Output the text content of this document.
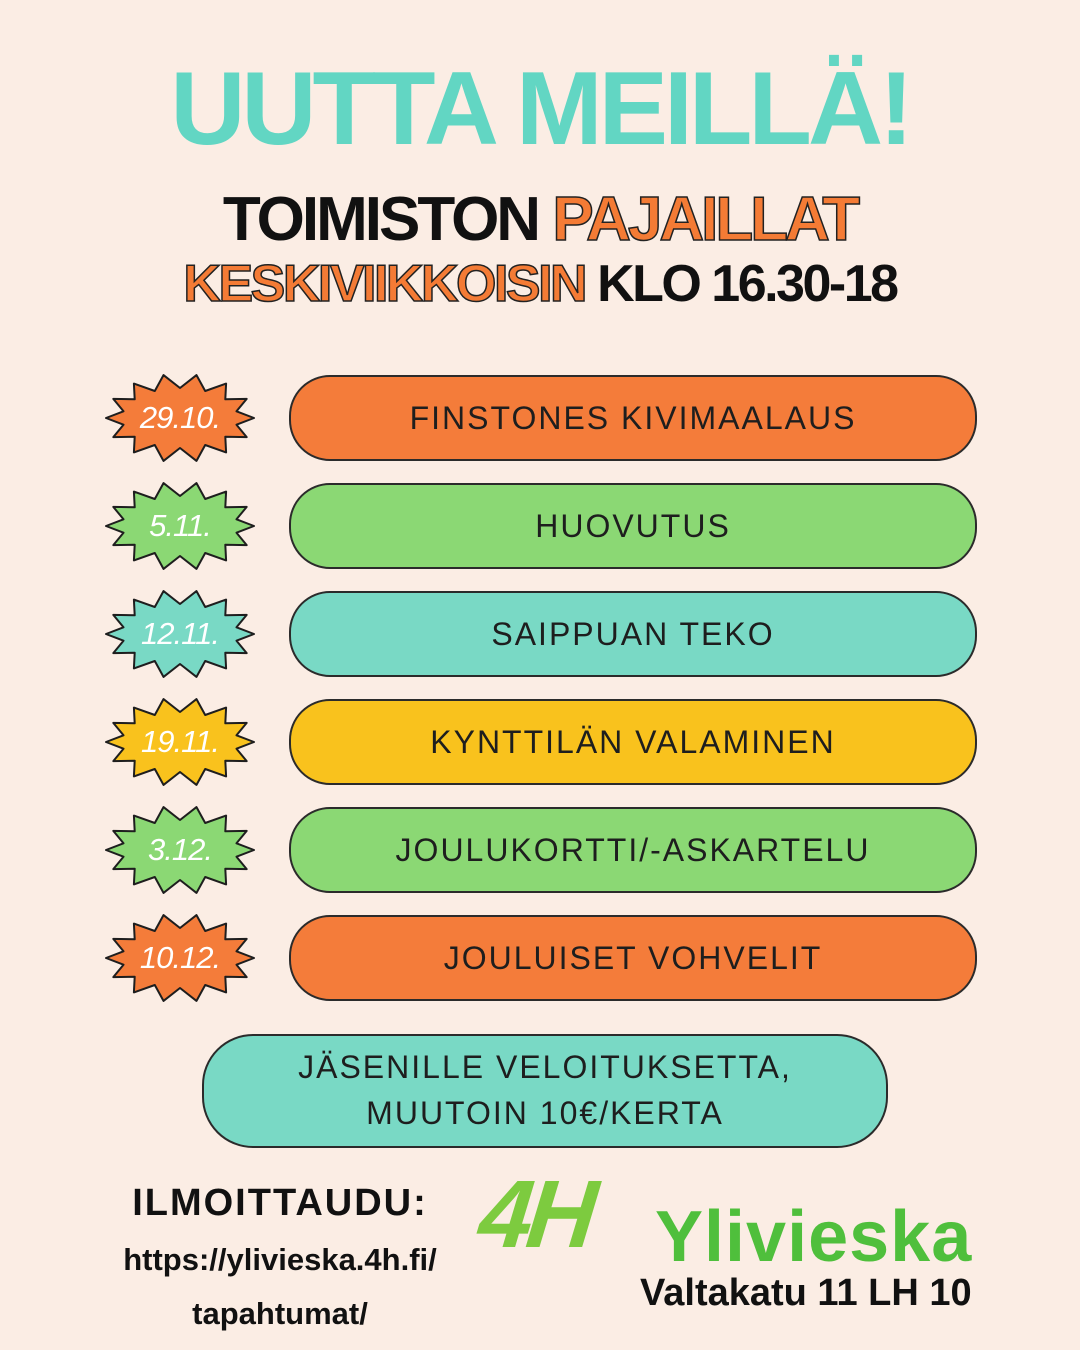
UUTTA MEILLÄ!
TOIMISTON PAJAILLAT
KESKIVIIKKOISIN KLO 16.30-18
29.10.	FINSTONES KIVIMAALAUS
5.11.	HUOVUTUS
12.11.	SAIPPUAN TEKO
19.11.	KYNTTILÄN VALAMINEN
3.12.	JOULUKORTTI/-ASKARTELU
10.12.	JOULUISET VOHVELIT
JÄSENILLE VELOITUKSETTA,
MUUTOIN 10€/KERTA
ILMOITTAUDU:
https://ylivieska.4h.fi/
tapahtumat/
4H Ylivieska
Valtakatu 11 LH 10
